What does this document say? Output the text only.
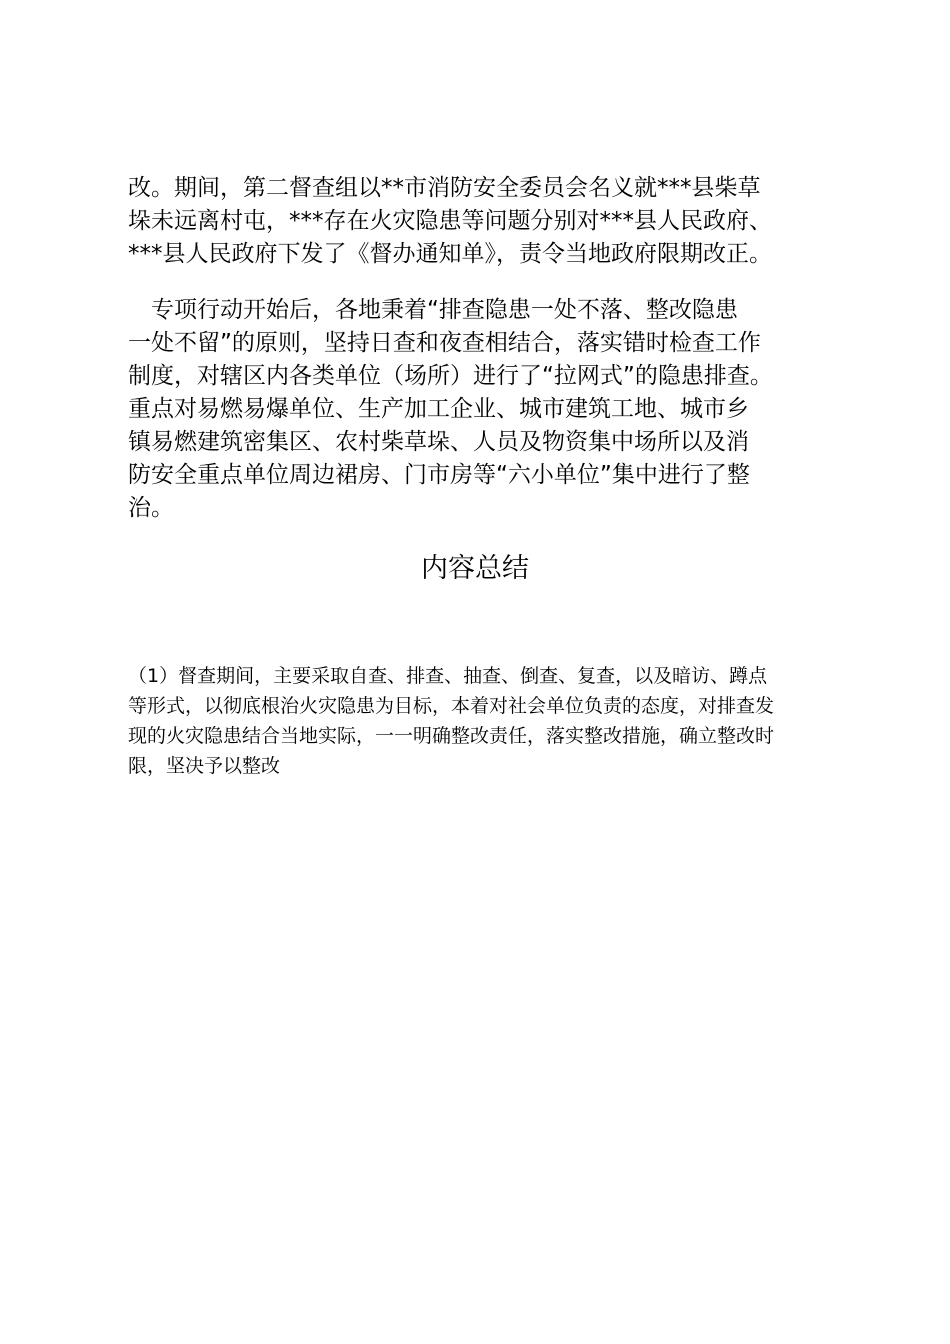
改。期间，第二督查组以**市消防安全委员会名义就***县柴草
垛未远离村屯，***存在火灾隐患等问题分别对***县人民政府、
***县人民政府下发了《督办通知单》，责令当地政府限期改正。

　专项行动开始后，各地秉着“排查隐患一处不落、整改隐患
一处不留”的原则，坚持日查和夜查相结合，落实错时检查工作
制度，对辖区内各类单位（场所）进行了“拉网式”的隐患排查。
重点对易燃易爆单位、生产加工企业、城市建筑工地、城市乡
镇易燃建筑密集区、农村柴草垛、人员及物资集中场所以及消
防安全重点单位周边裙房、门市房等“六小单位”集中进行了整
治。

内容总结

（1）督查期间，主要采取自查、排查、抽查、倒查、复查，以及暗访、蹲点
等形式，以彻底根治火灾隐患为目标，本着对社会单位负责的态度，对排查发
现的火灾隐患结合当地实际，一一明确整改责任，落实整改措施，确立整改时
限，坚决予以整改
